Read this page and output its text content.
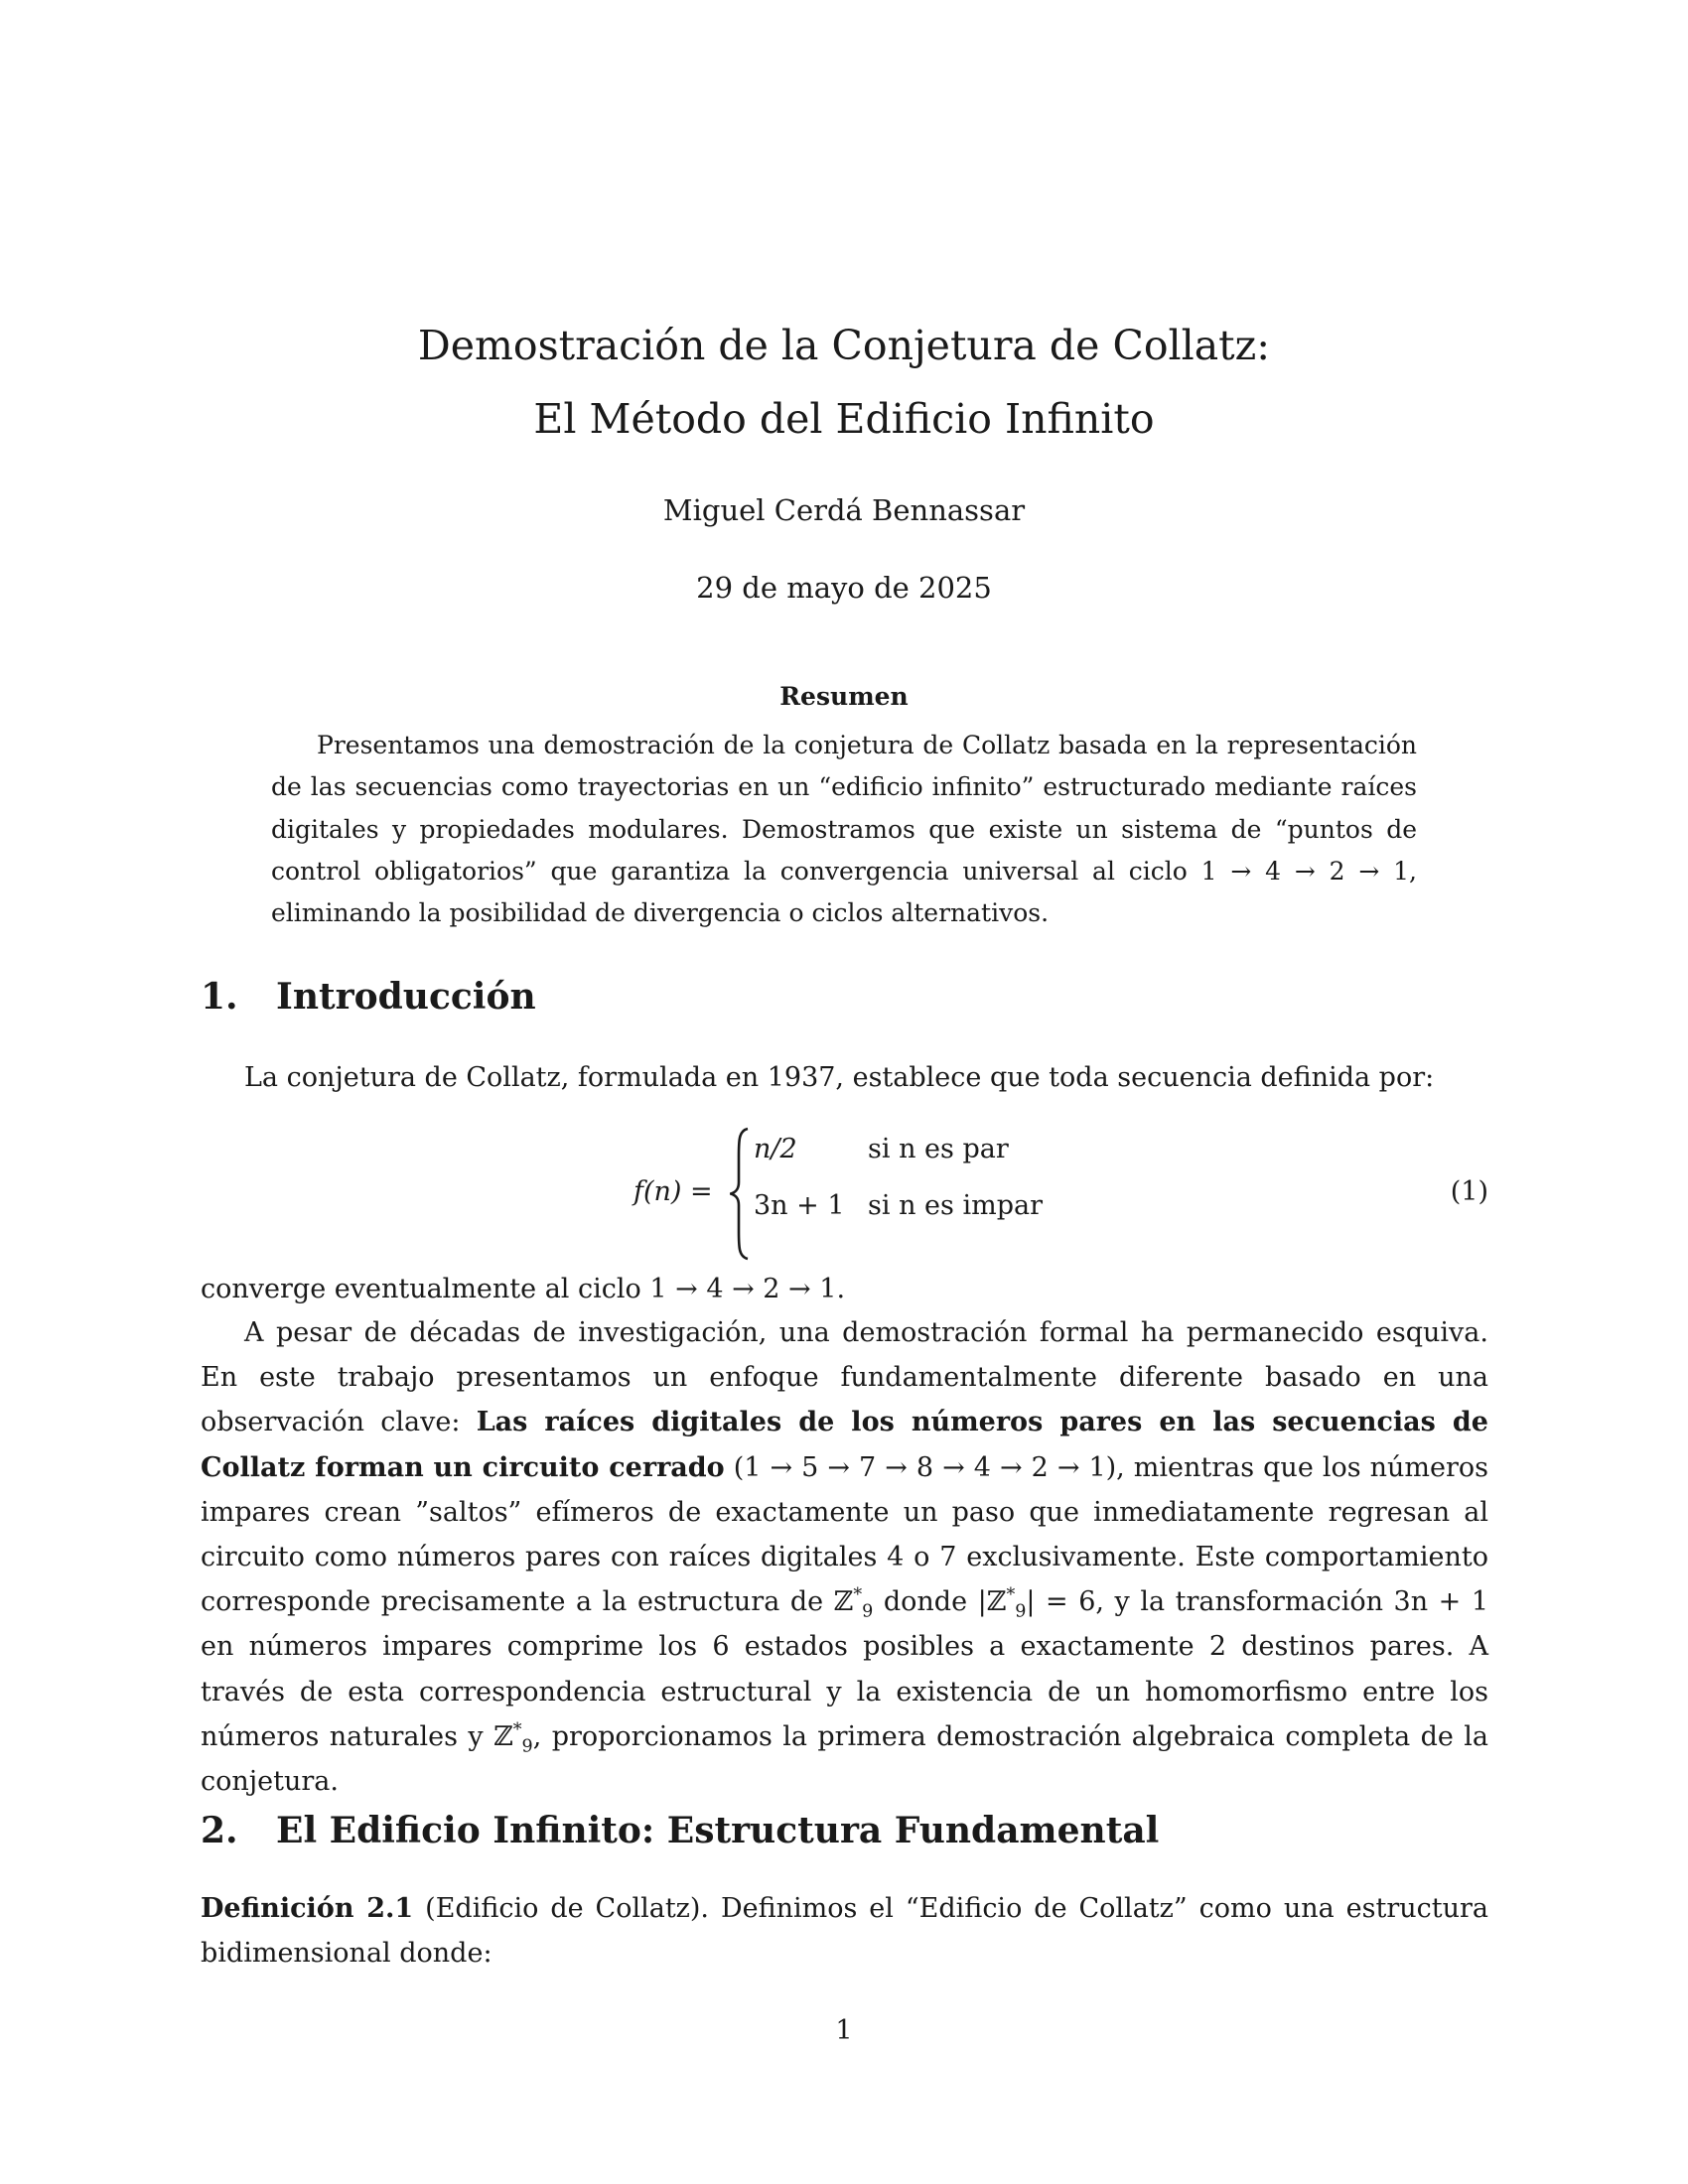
Demostración de la Conjetura de Collatz:
El Método del Edificio Infinito
Miguel Cerdá Bennassar
29 de mayo de 2025
Resumen

Presentamos una demostración de la conjetura de Collatz basada en la representación de las secuencias como trayectorias en un “edificio infinito” estructurado mediante raíces digitales y propiedades modulares. Demostramos que existe un sistema de “puntos de control obligatorios” que garantiza la convergencia universal al ciclo 1 → 4 → 2 → 1, eliminando la posibilidad de divergencia o ciclos alternativos.

1. Introducción

La conjetura de Collatz, formulada en 1937, establece que toda secuencia definida por:

f(n) =
n/2	si n es par
3n + 1 si n es impar	(1)

converge eventualmente al ciclo 1 → 4 → 2 → 1.

A pesar de décadas de investigación, una demostración formal ha permanecido esquiva. En este trabajo presentamos un enfoque fundamentalmente diferente basado en una observación clave: Las raíces digitales de los números pares en las secuencias de Collatz forman un circuito cerrado (1 → 5 → 7 → 8 → 4 → 2 → 1), mientras que los números impares crean ”saltos” efímeros de exactamente un paso que inmediatamente regresan al circuito como números pares con raíces digitales 4 o 7 exclusivamente. Este comportamiento corresponde precisamente a la estructura de ℤ*$_9$ donde |ℤ*$_9$| = 6, y la transformación 3n + 1 en números impares comprime los 6 estados posibles a exactamente 2 destinos pares. A través de esta correspondencia estructural y la existencia de un homomorfismo entre los números naturales y ℤ*$_9$, proporcionamos la primera demostración algebraica completa de la conjetura.

2. El Edificio Infinito: Estructura Fundamental

Definición 2.1 (Edificio de Collatz). Definimos el “Edificio de Collatz” como una estructura bidimensional donde:

1
